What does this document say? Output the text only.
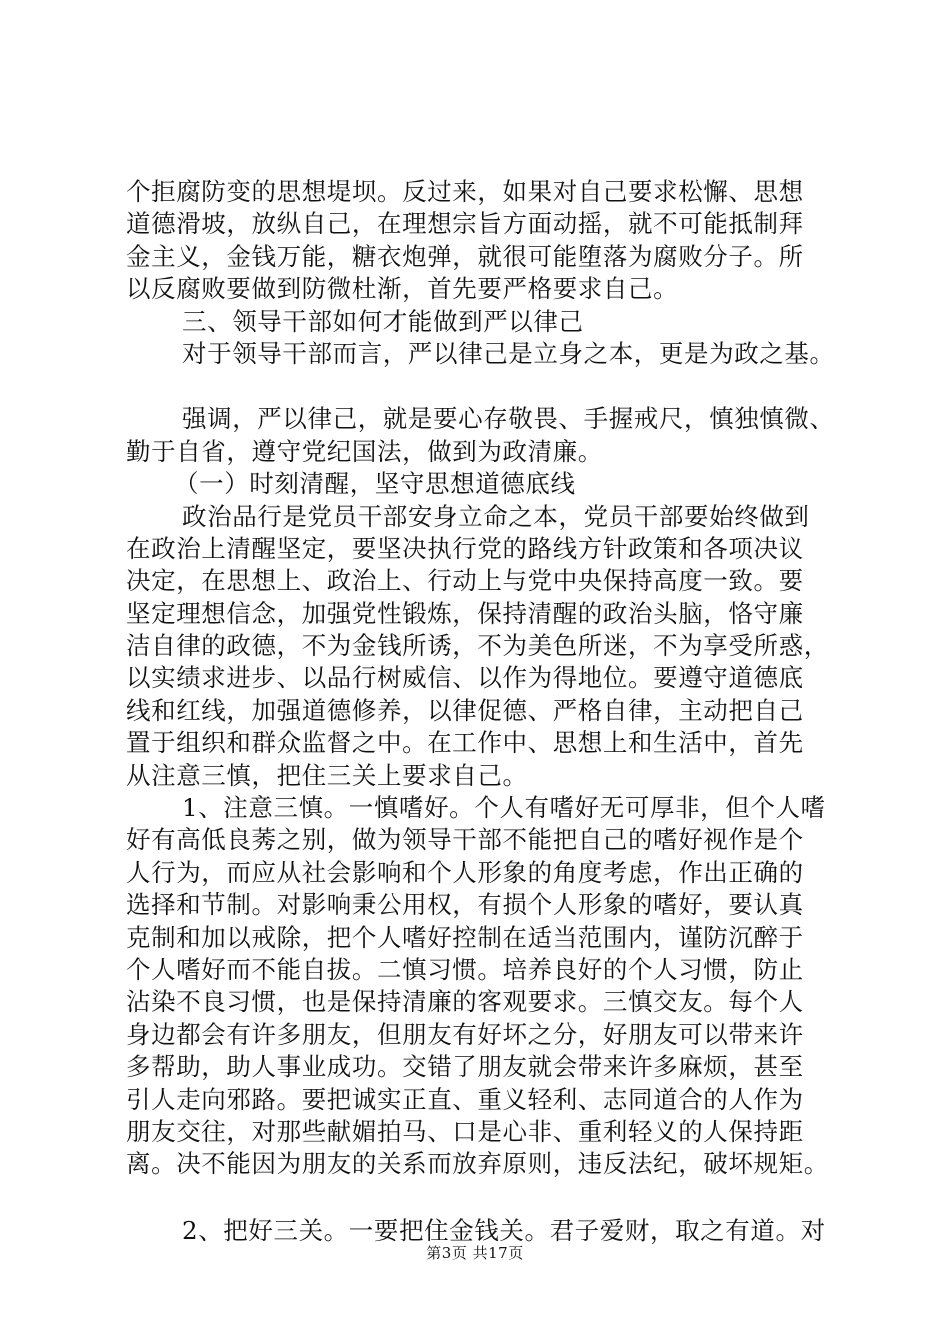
个拒腐防变的思想堤坝。反过来，如果对自己要求松懈、思想
道德滑坡，放纵自己，在理想宗旨方面动摇，就不可能抵制拜
金主义，金钱万能，糖衣炮弹，就很可能堕落为腐败分子。所
以反腐败要做到防微杜渐，首先要严格要求自己。
三、领导干部如何才能做到严以律己
对于领导干部而言，严以律己是立身之本，更是为政之基。
强调，严以律己，就是要心存敬畏、手握戒尺，慎独慎微、
勤于自省，遵守党纪国法，做到为政清廉。
（一）时刻清醒，坚守思想道德底线
政治品行是党员干部安身立命之本，党员干部要始终做到
在政治上清醒坚定，要坚决执行党的路线方针政策和各项决议
决定，在思想上、政治上、行动上与党中央保持高度一致。要
坚定理想信念，加强党性锻炼，保持清醒的政治头脑，恪守廉
洁自律的政德，不为金钱所诱，不为美色所迷，不为享受所惑，
以实绩求进步、以品行树威信、以作为得地位。要遵守道德底
线和红线，加强道德修养，以律促德、严格自律，主动把自己
置于组织和群众监督之中。在工作中、思想上和生活中，首先
从注意三慎，把住三关上要求自己。
1、注意三慎。一慎嗜好。个人有嗜好无可厚非，但个人嗜
好有高低良莠之别，做为领导干部不能把自己的嗜好视作是个
人行为，而应从社会影响和个人形象的角度考虑，作出正确的
选择和节制。对影响秉公用权，有损个人形象的嗜好，要认真
克制和加以戒除，把个人嗜好控制在适当范围内，谨防沉醉于
个人嗜好而不能自拔。二慎习惯。培养良好的个人习惯，防止
沾染不良习惯，也是保持清廉的客观要求。三慎交友。每个人
身边都会有许多朋友，但朋友有好坏之分，好朋友可以带来许
多帮助，助人事业成功。交错了朋友就会带来许多麻烦，甚至
引人走向邪路。要把诚实正直、重义轻利、志同道合的人作为
朋友交往，对那些献媚拍马、口是心非、重利轻义的人保持距
离。决不能因为朋友的关系而放弃原则，违反法纪，破坏规矩。
2、把好三关。一要把住金钱关。君子爱财，取之有道。对
第3页 共17页
